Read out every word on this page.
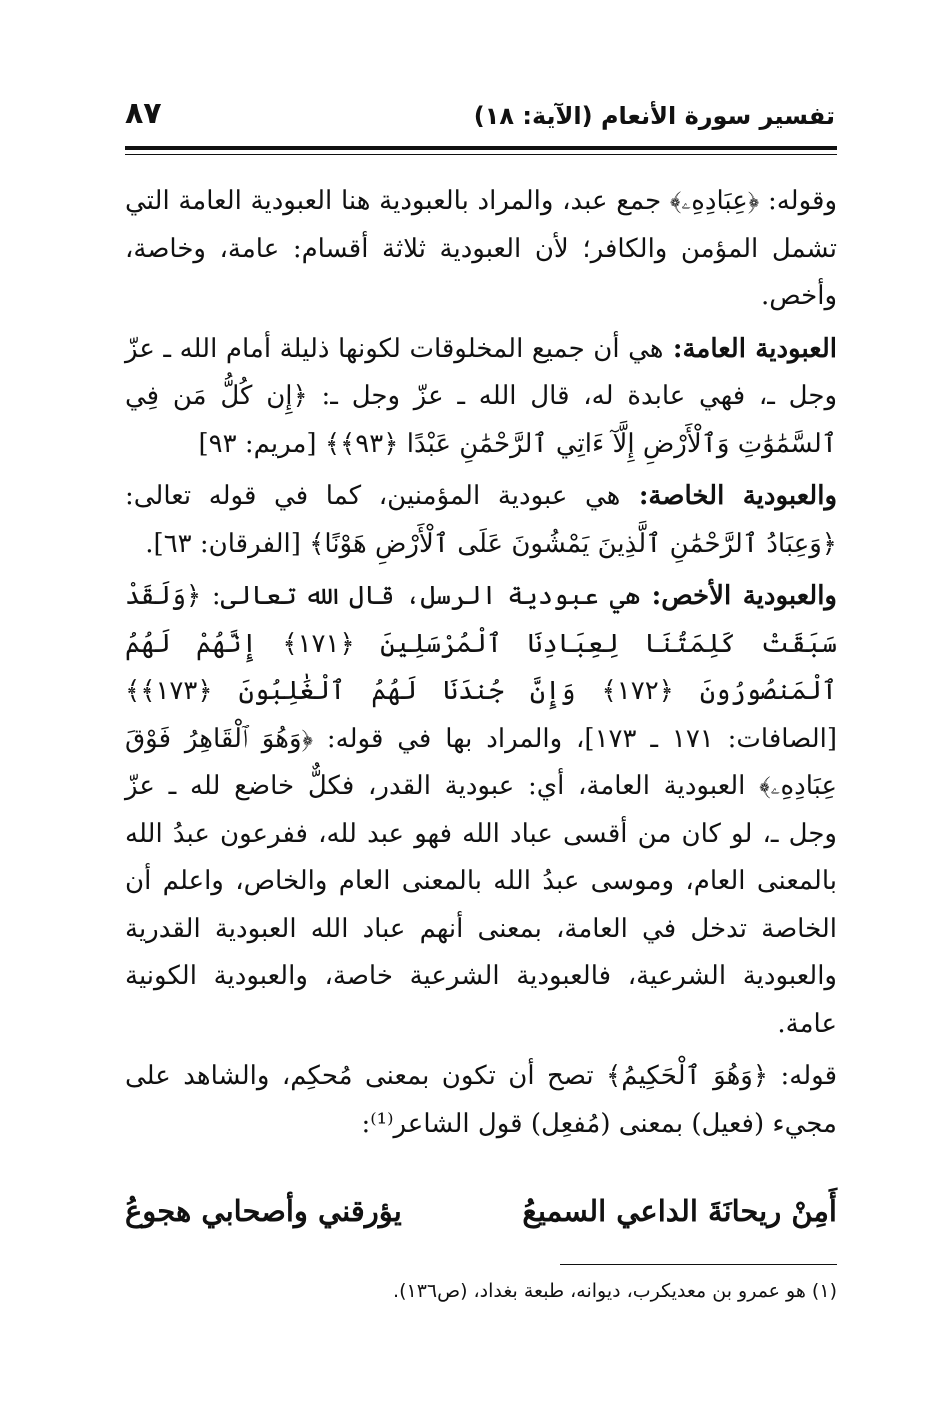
تفسير سورة الأنعام (الآية: ١٨)
٨٧

وقوله: ﴿عِبَادِهِۦ﴾ جمع عبد، والمراد بالعبودية هنا العبودية العامة التي تشمل المؤمن والكافر؛ لأن العبودية ثلاثة أقسام: عامة، وخاصة، وأخص.

العبودية العامة: هي أن جميع المخلوقات لكونها ذليلة أمام الله ـ عزّ وجل ـ، فهي عابدة له، قال الله ـ عزّ وجل ـ: ﴿إِن كُلُّ مَن فِي ٱلسَّمَٰوَٰتِ وَٱلْأَرْضِ إِلَّآ ءَاتِي ٱلرَّحْمَٰنِ عَبْدًا ﴿٩٣﴾﴾ [مريم: ٩٣]

والعبودية الخاصة: هي عبودية المؤمنين، كما في قوله تعالى: ﴿وَعِبَادُ ٱلرَّحْمَٰنِ ٱلَّذِينَ يَمْشُونَ عَلَى ٱلْأَرْضِ هَوْنًا﴾ [الفرقان: ٦٣].

والعبودية الأخص: هي عبودية الرسل، قال الله تعالى: ﴿وَلَقَدْ سَبَقَتْ كَلِمَتُنَا لِعِبَادِنَا ٱلْمُرْسَلِينَ ﴿١٧١﴾ إِنَّهُمْ لَهُمُ ٱلْمَنصُورُونَ ﴿١٧٢﴾ وَإِنَّ جُندَنَا لَهُمُ ٱلْغَٰلِبُونَ ﴿١٧٣﴾﴾ [الصافات: ١٧١ ـ ١٧٣]، والمراد بها في قوله: ﴿وَهُوَ ٱلْقَاهِرُ فَوْقَ عِبَادِهِۦ﴾ العبودية العامة، أي: عبودية القدر، فكلٌّ خاضع لله ـ عزّ وجل ـ، لو كان من أقسى عباد الله فهو عبد لله، ففرعون عبدُ الله بالمعنى العام، وموسى عبدُ الله بالمعنى العام والخاص، واعلم أن الخاصة تدخل في العامة، بمعنى أنهم عباد الله العبودية القدرية والعبودية الشرعية، فالعبودية الشرعية خاصة، والعبودية الكونية عامة.

قوله: ﴿وَهُوَ ٱلْحَكِيمُ﴾ تصح أن تكون بمعنى مُحكِم، والشاهد على مجيء (فعيل) بمعنى (مُفعِل) قول الشاعر⁽¹⁾:

أَمِنْ ريحانَةَ الداعي السميعُ
يؤرقني وأصحابي هجوعُ
(١) هو عمرو بن معديكرب، ديوانه، طبعة بغداد، (ص١٣٦).
